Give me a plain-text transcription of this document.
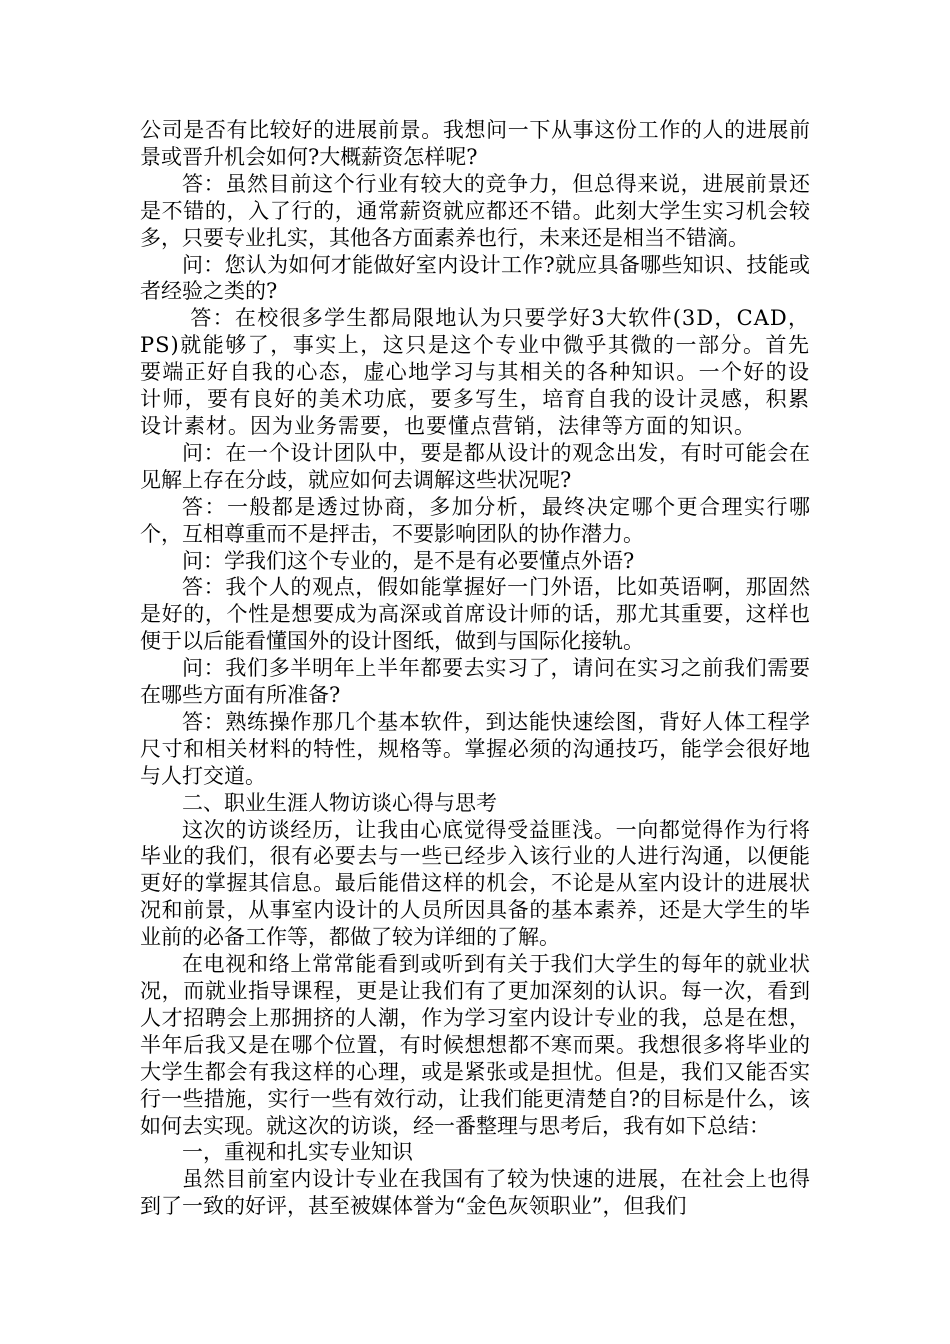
公司是否有比较好的进展前景。我想问一下从事这份工作的人的进展前景或晋升机会如何?大概薪资怎样呢?

答：虽然目前这个行业有较大的竞争力，但总得来说，进展前景还是不错的，入了行的，通常薪资就应都还不错。此刻大学生实习机会较多，只要专业扎实，其他各方面素养也行，未来还是相当不错滴。

问：您认为如何才能做好室内设计工作?就应具备哪些知识、技能或者经验之类的?

答：在校很多学生都局限地认为只要学好3大软件(3D，CAD，PS)就能够了，事实上，这只是这个专业中微乎其微的一部分。首先要端正好自我的心态，虚心地学习与其相关的各种知识。一个好的设计师，要有良好的美术功底，要多写生，培育自我的设计灵感，积累设计素材。因为业务需要，也要懂点营销，法律等方面的知识。

问：在一个设计团队中，要是都从设计的观念出发，有时可能会在见解上存在分歧，就应如何去调解这些状况呢?

答：一般都是透过协商，多加分析，最终决定哪个更合理实行哪个，互相尊重而不是抨击，不要影响团队的协作潜力。

问：学我们这个专业的，是不是有必要懂点外语?

答：我个人的观点，假如能掌握好一门外语，比如英语啊，那固然是好的，个性是想要成为高深或首席设计师的话，那尤其重要，这样也便于以后能看懂国外的设计图纸，做到与国际化接轨。

问：我们多半明年上半年都要去实习了，请问在实习之前我们需要在哪些方面有所准备?

答：熟练操作那几个基本软件，到达能快速绘图，背好人体工程学尺寸和相关材料的特性，规格等。掌握必须的沟通技巧，能学会很好地与人打交道。

二、职业生涯人物访谈心得与思考

这次的访谈经历，让我由心底觉得受益匪浅。一向都觉得作为行将毕业的我们，很有必要去与一些已经步入该行业的人进行沟通，以便能更好的掌握其信息。最后能借这样的机会，不论是从室内设计的进展状况和前景，从事室内设计的人员所因具备的基本素养，还是大学生的毕业前的必备工作等，都做了较为详细的了解。

在电视和络上常常能看到或听到有关于我们大学生的每年的就业状况，而就业指导课程，更是让我们有了更加深刻的认识。每一次，看到人才招聘会上那拥挤的人潮，作为学习室内设计专业的我，总是在想，半年后我又是在哪个位置，有时候想想都不寒而栗。我想很多将毕业的大学生都会有我这样的心理，或是紧张或是担忧。但是，我们又能否实行一些措施，实行一些有效行动，让我们能更清楚自?的目标是什么，该如何去实现。就这次的访谈，经一番整理与思考后，我有如下总结：

一，重视和扎实专业知识

虽然目前室内设计专业在我国有了较为快速的进展，在社会上也得到了一致的好评，甚至被媒体誉为“金色灰领职业”，但我们
